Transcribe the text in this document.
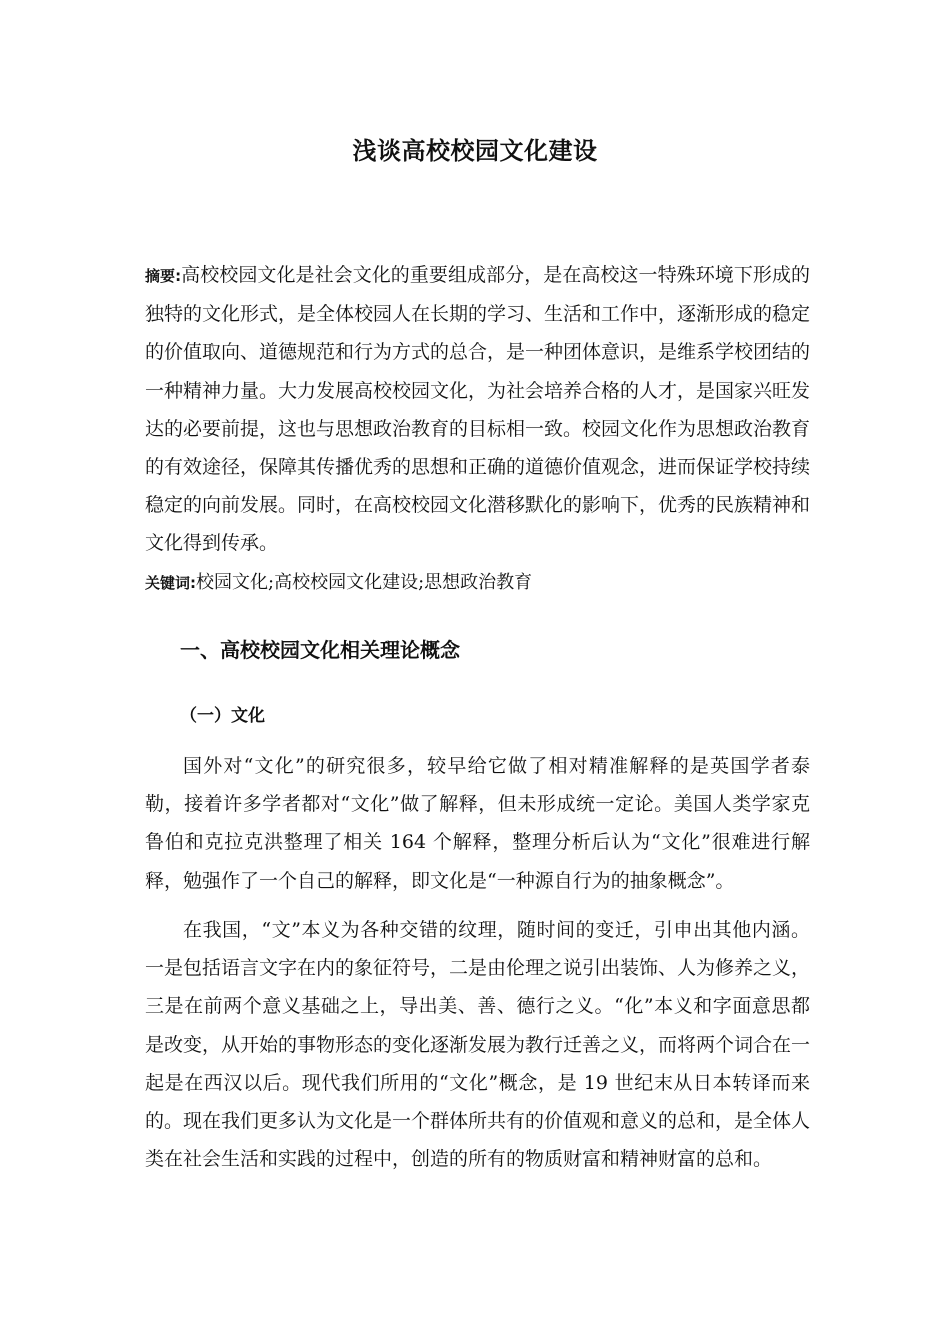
浅谈高校校园文化建设
摘要:高校校园文化是社会文化的重要组成部分，是在高校这一特殊环境下形成的独特的文化形式，是全体校园人在长期的学习、生活和工作中，逐渐形成的稳定的价值取向、道德规范和行为方式的总合，是一种团体意识，是维系学校团结的一种精神力量。大力发展高校校园文化，为社会培养合格的人才，是国家兴旺发达的必要前提，这也与思想政治教育的目标相一致。校园文化作为思想政治教育的有效途径，保障其传播优秀的思想和正确的道德价值观念，进而保证学校持续稳定的向前发展。同时，在高校校园文化潜移默化的影响下，优秀的民族精神和文化得到传承。
关键词:校园文化;高校校园文化建设;思想政治教育
一、高校校园文化相关理论概念
（一）文化

国外对“文化”的研究很多，较早给它做了相对精准解释的是英国学者泰勒，接着许多学者都对“文化”做了解释，但未形成统一定论。美国人类学家克鲁伯和克拉克洪整理了相关 164 个解释，整理分析后认为“文化”很难进行解释，勉强作了一个自己的解释，即文化是“一种源自行为的抽象概念”。

在我国，“文”本义为各种交错的纹理，随时间的变迁，引申出其他内涵。一是包括语言文字在内的象征符号，二是由伦理之说引出装饰、人为修养之义，三是在前两个意义基础之上，导出美、善、德行之义。“化”本义和字面意思都是改变，从开始的事物形态的变化逐渐发展为教行迁善之义，而将两个词合在一起是在西汉以后。现代我们所用的“文化”概念，是 19 世纪末从日本转译而来的。现在我们更多认为文化是一个群体所共有的价值观和意义的总和，是全体人类在社会生活和实践的过程中，创造的所有的物质财富和精神财富的总和。
